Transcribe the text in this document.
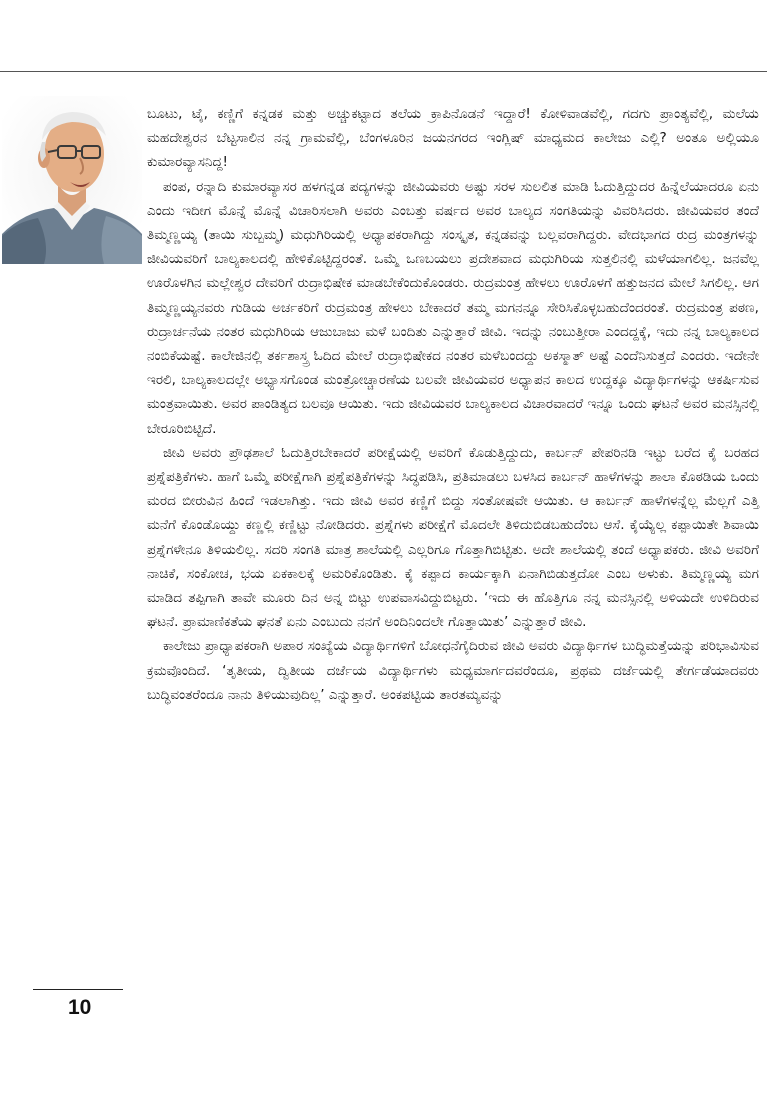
ಬೂಟು, ಟೈ, ಕಣ್ಣಿಗೆ ಕನ್ನಡಕ ಮತ್ತು ಅಚ್ಚುಕಟ್ಟಾದ ತಲೆಯ ಕ್ರಾಪಿನೊಡನೆ ಇದ್ದಾರೆ! ಕೋಳಿವಾಡವೆಲ್ಲಿ, ಗದಗು ಪ್ರಾಂತ್ಯವೆಲ್ಲಿ, ಮಲೆಯ ಮಹದೇಶ್ವರನ ಬೆಟ್ಟಸಾಲಿನ ನನ್ನ ಗ್ರಾಮವೆಲ್ಲಿ, ಬೆಂಗಳೂರಿನ ಜಯನಗರದ ಇಂಗ್ಲಿಷ್ ಮಾಧ್ಯಮದ ಕಾಲೇಜು ಎಲ್ಲಿ? ಅಂತೂ ಅಲ್ಲಿಯೂ ಕುಮಾರವ್ಯಾಸನಿದ್ದ!

ಪಂಪ, ರನ್ನಾದಿ ಕುಮಾರವ್ಯಾಸರ ಹಳಗನ್ನಡ ಪದ್ಯಗಳನ್ನು ಜೀವಿಯವರು ಅಷ್ಟು ಸರಳ ಸುಲಲಿತ ಮಾಡಿ ಓದುತ್ತಿದ್ದುದರ ಹಿನ್ನೆಲೆಯಾದರೂ ಏನು ಎಂದು ಇದೀಗ ಮೊನ್ನೆ ಮೊನ್ನೆ ವಿಚಾರಿಸಲಾಗಿ ಅವರು ಎಂಬತ್ತು ವರ್ಷದ ಅವರ ಬಾಲ್ಯದ ಸಂಗತಿಯನ್ನು ವಿವರಿಸಿದರು. ಜೀವಿಯವರ ತಂದೆ ತಿಮ್ಮಣ್ಣಯ್ಯ (ತಾಯಿ ಸುಬ್ಬಮ್ಮ) ಮಧುಗಿರಿಯಲ್ಲಿ ಅಧ್ಯಾಪಕರಾಗಿದ್ದು ಸಂಸ್ಕೃತ, ಕನ್ನಡವನ್ನು ಬಲ್ಲವರಾಗಿದ್ದರು. ವೇದಭಾಗದ ರುದ್ರ ಮಂತ್ರಗಳನ್ನು ಜೀವಿಯವರಿಗೆ ಬಾಲ್ಯಕಾಲದಲ್ಲಿ ಹೇಳಿಕೊಟ್ಟಿದ್ದರಂತೆ. ಒಮ್ಮೆ ಒಣಬಯಲು ಪ್ರದೇಶವಾದ ಮಧುಗಿರಿಯ ಸುತ್ತಲಿನಲ್ಲಿ ಮಳೆಯಾಗಲಿಲ್ಲ. ಜನವೆಲ್ಲ ಊರೊಳಗಿನ ಮಲ್ಲೇಶ್ವರ ದೇವರಿಗೆ ರುದ್ರಾಭಿಷೇಕ ಮಾಡಬೇಕೆಂದುಕೊಂಡರು. ರುದ್ರಮಂತ್ರ ಹೇಳಲು ಊರೊಳಗೆ ಹತ್ತುಜನದ ಮೇಲೆ ಸಿಗಲಿಲ್ಲ. ಆಗ ತಿಮ್ಮಣ್ಣಯ್ಯನವರು ಗುಡಿಯ ಅರ್ಚಕರಿಗೆ ರುದ್ರಮಂತ್ರ ಹೇಳಲು ಬೇಕಾದರೆ ತಮ್ಮ ಮಗನನ್ನೂ ಸೇರಿಸಿಕೊಳ್ಳಬಹುದೆಂದರಂತೆ. ರುದ್ರಮಂತ್ರ ಪಠಣ, ರುದ್ರಾರ್ಚನೆಯ ನಂತರ ಮಧುಗಿರಿಯ ಆಜುಬಾಜು ಮಳೆ ಬಂದಿತು ಎನ್ನುತ್ತಾರೆ ಜೀವಿ. ಇದನ್ನು ನಂಬುತ್ತೀರಾ ಎಂದದ್ದಕ್ಕೆ, ಇದು ನನ್ನ ಬಾಲ್ಯಕಾಲದ ನಂಬಿಕೆಯಷ್ಟೆ. ಕಾಲೇಜಿನಲ್ಲಿ ತರ್ಕಶಾಸ್ತ್ರ ಓದಿದ ಮೇಲೆ ರುದ್ರಾಭಿಷೇಕದ ನಂತರ ಮಳೆಬಂದದ್ದು ಅಕಸ್ಮಾತ್ ಅಷ್ಟೆ ಎಂದೆನಿಸುತ್ತದೆ ಎಂದರು. ಇದೇನೇ ಇರಲಿ, ಬಾಲ್ಯಕಾಲದಲ್ಲೇ ಅಭ್ಯಾಸಗೊಂಡ ಮಂತ್ರೋಚ್ಚಾರಣೆಯ ಬಲವೇ ಜೀವಿಯವರ ಅಧ್ಯಾಪನ ಕಾಲದ ಉದ್ದಕ್ಕೂ ವಿದ್ಯಾರ್ಥಿಗಳನ್ನು ಆಕರ್ಷಿಸುವ ಮಂತ್ರವಾಯಿತು. ಅವರ ಪಾಂಡಿತ್ಯದ ಬಲವೂ ಆಯಿತು. ಇದು ಜೀವಿಯವರ ಬಾಲ್ಯಕಾಲದ ವಿಚಾರವಾದರೆ ಇನ್ನೂ ಒಂದು ಘಟನೆ ಅವರ ಮನಸ್ಸಿನಲ್ಲಿ ಬೇರೂರಿಬಿಟ್ಟಿದೆ.

ಜೀವಿ ಅವರು ಪ್ರೌಢಶಾಲೆ ಓದುತ್ತಿರಬೇಕಾದರೆ ಪರೀಕ್ಷೆಯಲ್ಲಿ ಅವರಿಗೆ ಕೊಡುತ್ತಿದ್ದುದು, ಕಾರ್ಬನ್ ಪೇಪರಿನಡಿ ಇಟ್ಟು ಬರೆದ ಕೈ ಬರಹದ ಪ್ರಶ್ನೆಪತ್ರಿಕೆಗಳು. ಹಾಗೆ ಒಮ್ಮೆ ಪರೀಕ್ಷೆಗಾಗಿ ಪ್ರಶ್ನೆಪತ್ರಿಕೆಗಳನ್ನು ಸಿದ್ಧಪಡಿಸಿ, ಪ್ರತಿಮಾಡಲು ಬಳಸಿದ ಕಾರ್ಬನ್ ಹಾಳೆಗಳನ್ನು ಶಾಲಾ ಕೊಠಡಿಯ ಒಂದು ಮರದ ಬೀರುವಿನ ಹಿಂದೆ ಇಡಲಾಗಿತ್ತು. ಇದು ಜೀವಿ ಅವರ ಕಣ್ಣಿಗೆ ಬಿದ್ದು ಸಂತೋಷವೇ ಆಯಿತು. ಆ ಕಾರ್ಬನ್ ಹಾಳೆಗಳನ್ನೆಲ್ಲ ಮೆಲ್ಲಗೆ ಎತ್ತಿ ಮನೆಗೆ ಕೊಂಡೊಯ್ದು ಕಣ್ಣಲ್ಲಿ ಕಣ್ಣಿಟ್ಟು ನೋಡಿದರು. ಪ್ರಶ್ನೆಗಳು ಪರೀಕ್ಷೆಗೆ ಮೊದಲೇ ತಿಳಿದುಬಿಡಬಹುದೆಂಬ ಆಸೆ. ಕೈಯ್ಯೆಲ್ಲ ಕಪ್ಪಾಯಿತೇ ಶಿವಾಯಿ ಪ್ರಶ್ನೆಗಳೇನೂ ತಿಳಿಯಲಿಲ್ಲ. ಸದರಿ ಸಂಗತಿ ಮಾತ್ರ ಶಾಲೆಯಲ್ಲಿ ಎಲ್ಲರಿಗೂ ಗೊತ್ತಾಗಿಬಿಟ್ಟಿತು. ಅದೇ ಶಾಲೆಯಲ್ಲಿ ತಂದೆ ಅಧ್ಯಾಪಕರು. ಜೀವಿ ಅವರಿಗೆ ನಾಚಿಕೆ, ಸಂಕೋಚ, ಭಯ ಏಕಕಾಲಕ್ಕೆ ಅಮರಿಕೊಂಡಿತು. ಕೈ ಕಪ್ಪಾದ ಕಾರ್ಯಕ್ಕಾಗಿ ಏನಾಗಿಬಿಡುತ್ತದೋ ಎಂಬ ಅಳುಕು. ತಿಮ್ಮಣ್ಣಯ್ಯ ಮಗ ಮಾಡಿದ ತಪ್ಪಿಗಾಗಿ ತಾವೇ ಮೂರು ದಿನ ಅನ್ನ ಬಿಟ್ಟು ಉಪವಾಸವಿದ್ದುಬಿಟ್ಟರು. ‘ಇದು ಈ ಹೊತ್ತಿಗೂ ನನ್ನ ಮನಸ್ಸಿನಲ್ಲಿ ಅಳಿಯದೇ ಉಳಿದಿರುವ ಘಟನೆ. ಪ್ರಾಮಾಣಿಕತೆಯ ಘನತೆ ಏನು ಎಂಬುದು ನನಗೆ ಅಂದಿನಿಂದಲೇ ಗೊತ್ತಾಯಿತು’ ಎನ್ನುತ್ತಾರೆ ಜೀವಿ.

ಕಾಲೇಜು ಪ್ರಾಧ್ಯಾಪಕರಾಗಿ ಅಪಾರ ಸಂಖ್ಯೆಯ ವಿದ್ಯಾರ್ಥಿಗಳಿಗೆ ಬೋಧನೆಗೈದಿರುವ ಜೀವಿ ಅವರು ವಿದ್ಯಾರ್ಥಿಗಳ ಬುದ್ಧಿಮತ್ತೆಯನ್ನು ಪರಿಭಾವಿಸುವ ಕ್ರಮವೊಂದಿದೆ. ‘ತೃತೀಯ, ದ್ವಿತೀಯ ದರ್ಜೆಯ ವಿದ್ಯಾರ್ಥಿಗಳು ಮಧ್ಯಮಾರ್ಗದವರೆಂದೂ, ಪ್ರಥಮ ದರ್ಜೆಯಲ್ಲಿ ತೇರ್ಗಡೆಯಾದವರು ಬುದ್ಧಿವಂತರೆಂದೂ ನಾನು ತಿಳಿಯುವುದಿಲ್ಲ’ ಎನ್ನುತ್ತಾರೆ. ಅಂಕಪಟ್ಟಿಯ ತಾರತಮ್ಯವನ್ನು

10
